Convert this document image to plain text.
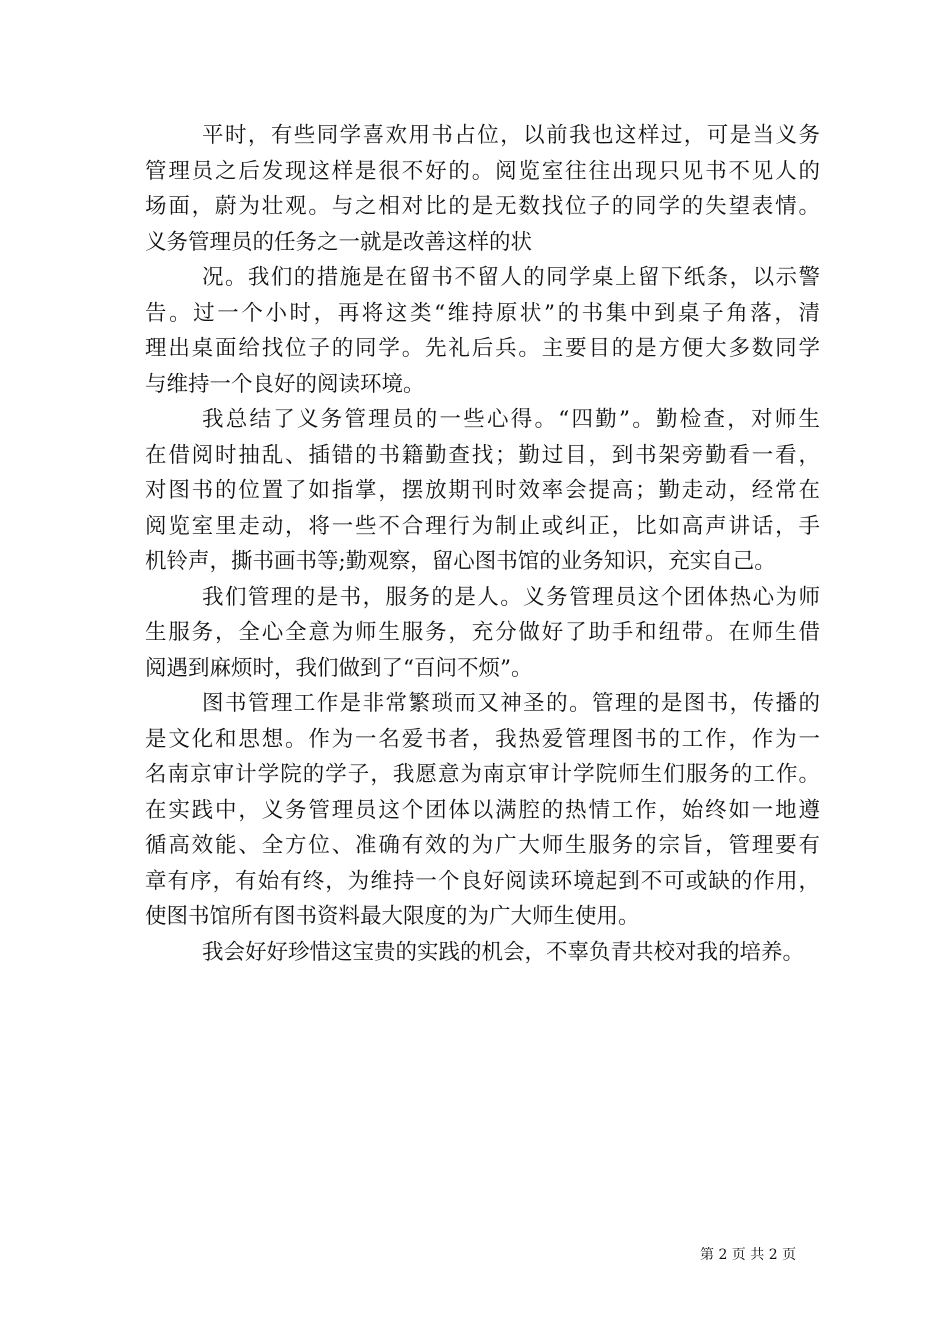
平时，有些同学喜欢用书占位，以前我也这样过，可是当义务
管理员之后发现这样是很不好的。阅览室往往出现只见书不见人的
场面，蔚为壮观。与之相对比的是无数找位子的同学的失望表情。
义务管理员的任务之一就是改善这样的状
况。我们的措施是在留书不留人的同学桌上留下纸条，以示警
告。过一个小时，再将这类“维持原状”的书集中到桌子角落，清
理出桌面给找位子的同学。先礼后兵。主要目的是方便大多数同学
与维持一个良好的阅读环境。
我总结了义务管理员的一些心得。“四勤”。勤检查，对师生
在借阅时抽乱、插错的书籍勤查找；勤过目，到书架旁勤看一看，
对图书的位置了如指掌，摆放期刊时效率会提高；勤走动，经常在
阅览室里走动，将一些不合理行为制止或纠正，比如高声讲话，手
机铃声，撕书画书等;勤观察，留心图书馆的业务知识，充实自己。
我们管理的是书，服务的是人。义务管理员这个团体热心为师
生服务，全心全意为师生服务，充分做好了助手和纽带。在师生借
阅遇到麻烦时，我们做到了“百问不烦”。
图书管理工作是非常繁琐而又神圣的。管理的是图书，传播的
是文化和思想。作为一名爱书者，我热爱管理图书的工作，作为一
名南京审计学院的学子，我愿意为南京审计学院师生们服务的工作。
在实践中，义务管理员这个团体以满腔的热情工作，始终如一地遵
循高效能、全方位、准确有效的为广大师生服务的宗旨，管理要有
章有序，有始有终，为维持一个良好阅读环境起到不可或缺的作用，
使图书馆所有图书资料最大限度的为广大师生使用。
我会好好珍惜这宝贵的实践的机会，不辜负青共校对我的培养。
第 2 页 共 2 页
